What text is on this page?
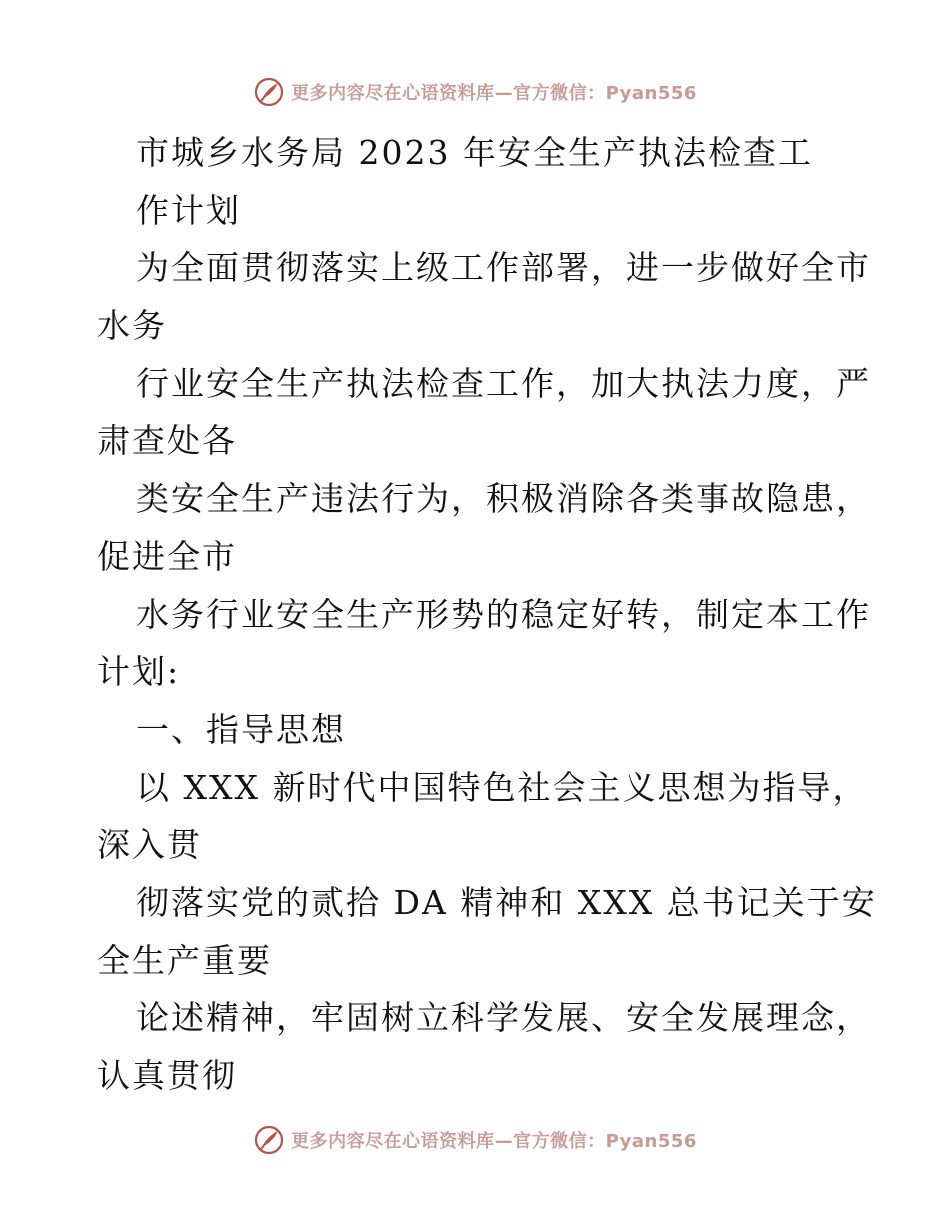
更多内容尽在心语资料库—官方微信：Pyan556
市城乡水务局 2023 年安全生产执法检查工
作计划
为全面贯彻落实上级工作部署，进一步做好全市
水务
行业安全生产执法检查工作，加大执法力度，严
肃查处各
类安全生产违法行为，积极消除各类事故隐患，
促进全市
水务行业安全生产形势的稳定好转，制定本工作
计划:
一、指导思想
以 XXX 新时代中国特色社会主义思想为指导，
深入贯
彻落实党的贰拾 DA 精神和 XXX 总书记关于安
全生产重要
论述精神，牢固树立科学发展、安全发展理念，
认真贯彻
更多内容尽在心语资料库—官方微信：Pyan556
